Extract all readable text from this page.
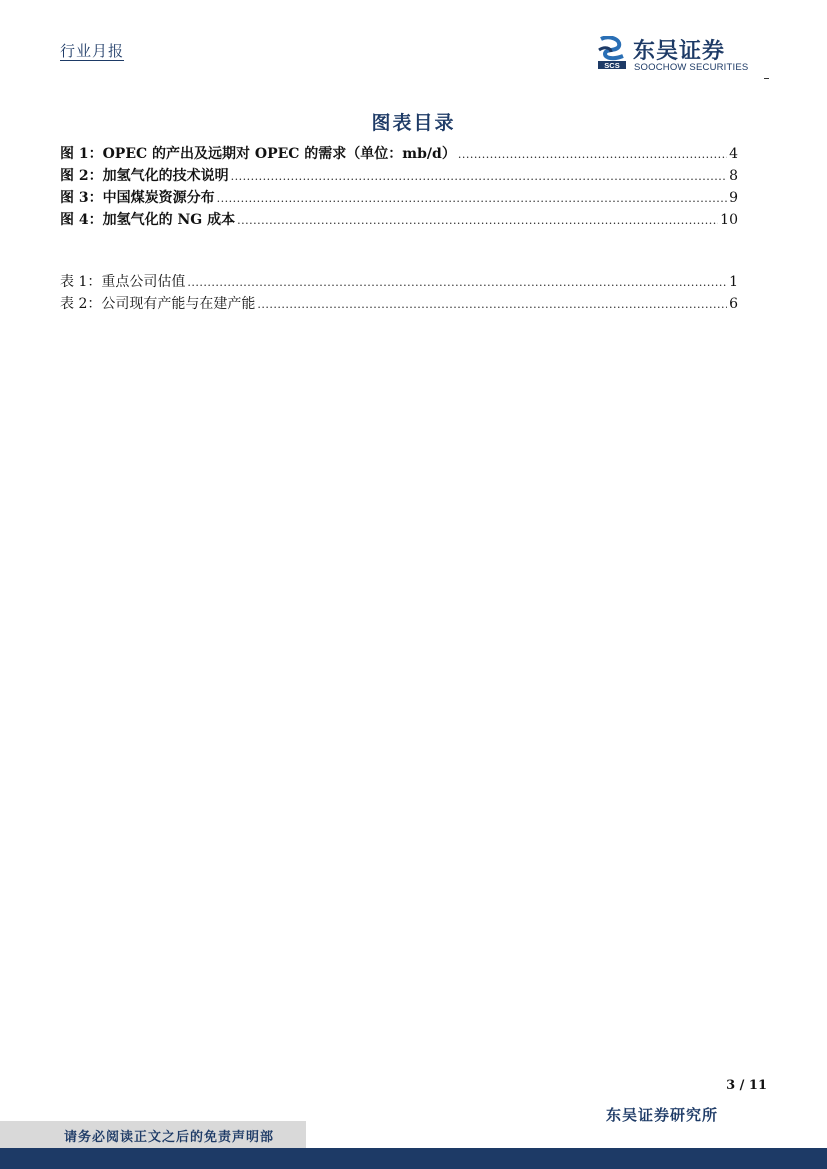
行业月报
SCS
东吴证券
SOOCHOW SECURITIES
图表目录
图 1：OPEC 的产出及远期对 OPEC 的需求（单位：mb/d） .....	4
图 2：加氢气化的技术说明 .....	8
图 3：中国煤炭资源分布 .....	9
图 4：加氢气化的 NG 成本 .....	10
表 1：重点公司估值 .....	1
表 2：公司现有产能与在建产能 .....	6
3 / 11
东吴证券研究所
请务必阅读正文之后的免责声明部
